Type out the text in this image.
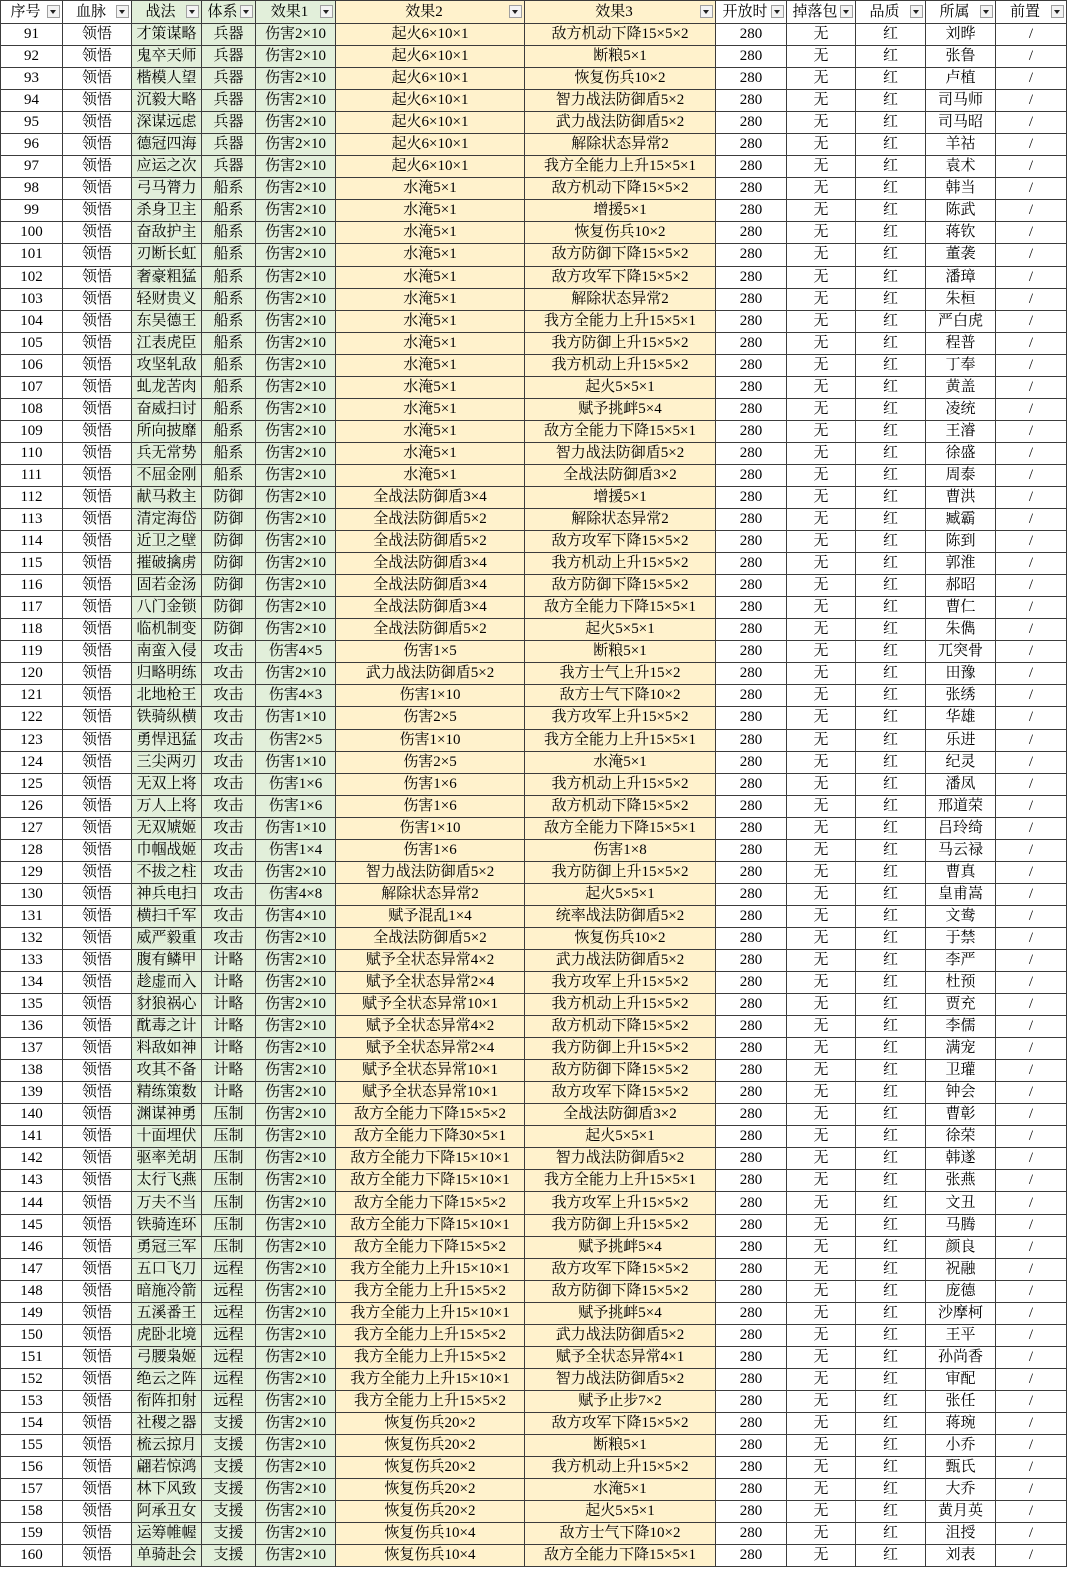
序号 血脉	战法 体系 效果1	效果2	效果3	开放时 掉落包 品质	所属	前置
91	领悟	才策谋略	兵器	伤害2×10	起火6×10×1	敌方机动下降15×5×2	280	无	红	刘晔	/
92	领悟	鬼卒天师	兵器	伤害2×10	起火6×10×1	断粮5×1	280	无	红	张鲁	/
93	领悟	楷模人望	兵器	伤害2×10	起火6×10×1	恢复伤兵10×2	280	无	红	卢植	/
94	领悟	沉毅大略	兵器	伤害2×10	起火6×10×1	智力战法防御盾5×2	280	无	红	司马师	/
95	领悟	深谋远虑	兵器	伤害2×10	起火6×10×1	武力战法防御盾5×2	280	无	红	司马昭	/
96	领悟	德冠四海	兵器	伤害2×10	起火6×10×1	解除状态异常2	280	无	红	羊祜	/
97	领悟	应运之次	兵器	伤害2×10	起火6×10×1	我方全能力上升15×5×1	280	无	红	袁术	/
98	领悟	弓马膂力	船系	伤害2×10	水淹5×1	敌方机动下降15×5×2	280	无	红	韩当	/
99	领悟	杀身卫主	船系	伤害2×10	水淹5×1	增援5×1	280	无	红	陈武	/
100	领悟	奋敌护主	船系	伤害2×10	水淹5×1	恢复伤兵10×2	280	无	红	蒋钦	/
101	领悟	刃断长虹	船系	伤害2×10	水淹5×1	敌方防御下降15×5×2	280	无	红	董袭	/
102	领悟	奢豪粗猛	船系	伤害2×10	水淹5×1	敌方攻军下降15×5×2	280	无	红	潘璋	/
103	领悟	轻财贵义	船系	伤害2×10	水淹5×1	解除状态异常2	280	无	红	朱桓	/
104	领悟	东吴德王	船系	伤害2×10	水淹5×1	我方全能力上升15×5×1	280	无	红	严白虎	/
105	领悟	江表虎臣	船系	伤害2×10	水淹5×1	我方防御上升15×5×2	280	无	红	程普	/
106	领悟	攻坚轧敌	船系	伤害2×10	水淹5×1	我方机动上升15×5×2	280	无	红	丁奉	/
107	领悟	虬龙苦肉	船系	伤害2×10	水淹5×1	起火5×5×1	280	无	红	黄盖	/
108	领悟	奋威扫讨	船系	伤害2×10	水淹5×1	赋予挑衅5×4	280	无	红	凌统	/
109	领悟	所向披靡	船系	伤害2×10	水淹5×1	敌方全能力下降15×5×1	280	无	红	王濬	/
110	领悟	兵无常势	船系	伤害2×10	水淹5×1	智力战法防御盾5×2	280	无	红	徐盛	/
111	领悟	不屈金刚	船系	伤害2×10	水淹5×1	全战法防御盾3×2	280	无	红	周泰	/
112	领悟	献马救主	防御	伤害2×10	全战法防御盾3×4	增援5×1	280	无	红	曹洪	/
113	领悟	清定海岱	防御	伤害2×10	全战法防御盾5×2	解除状态异常2	280	无	红	臧霸	/
114	领悟	近卫之壁	防御	伤害2×10	全战法防御盾5×2	敌方攻军下降15×5×2	280	无	红	陈到	/
115	领悟	摧破擒虏	防御	伤害2×10	全战法防御盾3×4	我方机动上升15×5×2	280	无	红	郭淮	/
116	领悟	固若金汤	防御	伤害2×10	全战法防御盾3×4	敌方防御下降15×5×2	280	无	红	郝昭	/
117	领悟	八门金锁	防御	伤害2×10	全战法防御盾3×4	敌方全能力下降15×5×1	280	无	红	曹仁	/
118	领悟	临机制变	防御	伤害2×10	全战法防御盾5×2	起火5×5×1	280	无	红	朱儁	/
119	领悟	南蛮入侵	攻击	伤害4×5	伤害1×5	断粮5×1	280	无	红	兀突骨	/
120	领悟	归略明练	攻击	伤害2×10	武力战法防御盾5×2	我方士气上升15×2	280	无	红	田豫	/
121	领悟	北地枪王	攻击	伤害4×3	伤害1×10	敌方士气下降10×2	280	无	红	张绣	/
122	领悟	铁骑纵横	攻击	伤害1×10	伤害2×5	我方攻军上升15×5×2	280	无	红	华雄	/
123	领悟	勇悍迅猛	攻击	伤害2×5	伤害1×10	我方全能力上升15×5×1	280	无	红	乐进	/
124	领悟	三尖两刃	攻击	伤害1×10	伤害2×5	水淹5×1	280	无	红	纪灵	/
125	领悟	无双上将	攻击	伤害1×6	伤害1×6	我方机动上升15×5×2	280	无	红	潘凤	/
126	领悟	万人上将	攻击	伤害1×6	伤害1×6	敌方机动下降15×5×2	280	无	红	邢道荣	/
127	领悟	无双虓姬	攻击	伤害1×10	伤害1×10	敌方全能力下降15×5×1	280	无	红	吕玲绮	/
128	领悟	巾帼战姬	攻击	伤害1×4	伤害1×6	伤害1×8	280	无	红	马云禄	/
129	领悟	不拔之柱	攻击	伤害2×10	智力战法防御盾5×2	我方防御上升15×5×2	280	无	红	曹真	/
130	领悟	神兵电扫	攻击	伤害4×8	解除状态异常2	起火5×5×1	280	无	红	皇甫嵩	/
131	领悟	横扫千军	攻击	伤害4×10	赋予混乱1×4	统率战法防御盾5×2	280	无	红	文鸯	/
132	领悟	威严毅重	攻击	伤害2×10	全战法防御盾5×2	恢复伤兵10×2	280	无	红	于禁	/
133	领悟	腹有鳞甲	计略	伤害2×10	赋予全状态异常4×2	武力战法防御盾5×2	280	无	红	李严	/
134	领悟	趁虚而入	计略	伤害2×10	赋予全状态异常2×4	我方攻军上升15×5×2	280	无	红	杜预	/
135	领悟	豺狼祸心	计略	伤害2×10	赋予全状态异常10×1	我方机动上升15×5×2	280	无	红	贾充	/
136	领悟	酖毒之计	计略	伤害2×10	赋予全状态异常4×2	敌方机动下降15×5×2	280	无	红	李儒	/
137	领悟	料敌如神	计略	伤害2×10	赋予全状态异常2×4	我方防御上升15×5×2	280	无	红	满宠	/
138	领悟	攻其不备	计略	伤害2×10	赋予全状态异常10×1	敌方防御下降15×5×2	280	无	红	卫瓘	/
139	领悟	精练策数	计略	伤害2×10	赋予全状态异常10×1	敌方攻军下降15×5×2	280	无	红	钟会	/
140	领悟	渊谋神勇	压制	伤害2×10	敌方全能力下降15×5×2	全战法防御盾3×2	280	无	红	曹彰	/
141	领悟	十面埋伏	压制	伤害2×10	敌方全能力下降30×5×1	起火5×5×1	280	无	红	徐荣	/
142	领悟	驱率羌胡	压制	伤害2×10	敌方全能力下降15×10×1	智力战法防御盾5×2	280	无	红	韩遂	/
143	领悟	太行飞燕	压制	伤害2×10	敌方全能力下降15×10×1	我方全能力上升15×5×1	280	无	红	张燕	/
144	领悟	万夫不当	压制	伤害2×10	敌方全能力下降15×5×2	我方攻军上升15×5×2	280	无	红	文丑	/
145	领悟	铁骑连环	压制	伤害2×10	敌方全能力下降15×10×1	我方防御上升15×5×2	280	无	红	马腾	/
146	领悟	勇冠三军	压制	伤害2×10	敌方全能力下降15×5×2	赋予挑衅5×4	280	无	红	颜良	/
147	领悟	五口飞刀	远程	伤害2×10	我方全能力上升15×10×1	敌方攻军下降15×5×2	280	无	红	祝融	/
148	领悟	暗施冷箭	远程	伤害2×10	我方全能力上升15×5×2	敌方防御下降15×5×2	280	无	红	庞德	/
149	领悟	五溪番王	远程	伤害2×10	我方全能力上升15×10×1	赋予挑衅5×4	280	无	红	沙摩柯	/
150	领悟	虎卧北境	远程	伤害2×10	我方全能力上升15×5×2	武力战法防御盾5×2	280	无	红	王平	/
151	领悟	弓腰枭姬	远程	伤害2×10	我方全能力上升15×5×2	赋予全状态异常4×1	280	无	红	孙尚香	/
152	领悟	绝云之阵	远程	伤害2×10	我方全能力上升15×10×1	智力战法防御盾5×2	280	无	红	审配	/
153	领悟	衔阵扣射	远程	伤害2×10	我方全能力上升15×5×2	赋予止步7×2	280	无	红	张任	/
154	领悟	社稷之器	支援	伤害2×10	恢复伤兵20×2	敌方攻军下降15×5×2	280	无	红	蒋琬	/
155	领悟	梳云掠月	支援	伤害2×10	恢复伤兵20×2	断粮5×1	280	无	红	小乔	/
156	领悟	翩若惊鸿	支援	伤害2×10	恢复伤兵20×2	我方机动上升15×5×2	280	无	红	甄氏	/
157	领悟	林下风致	支援	伤害2×10	恢复伤兵20×2	水淹5×1	280	无	红	大乔	/
158	领悟	阿承丑女	支援	伤害2×10	恢复伤兵20×2	起火5×5×1	280	无	红	黄月英	/
159	领悟	运筹帷幄	支援	伤害2×10	恢复伤兵10×4	敌方士气下降10×2	280	无	红	沮授	/
160	领悟	单骑赴会	支援	伤害2×10	恢复伤兵10×4	敌方全能力下降15×5×1	280	无	红	刘表	/
